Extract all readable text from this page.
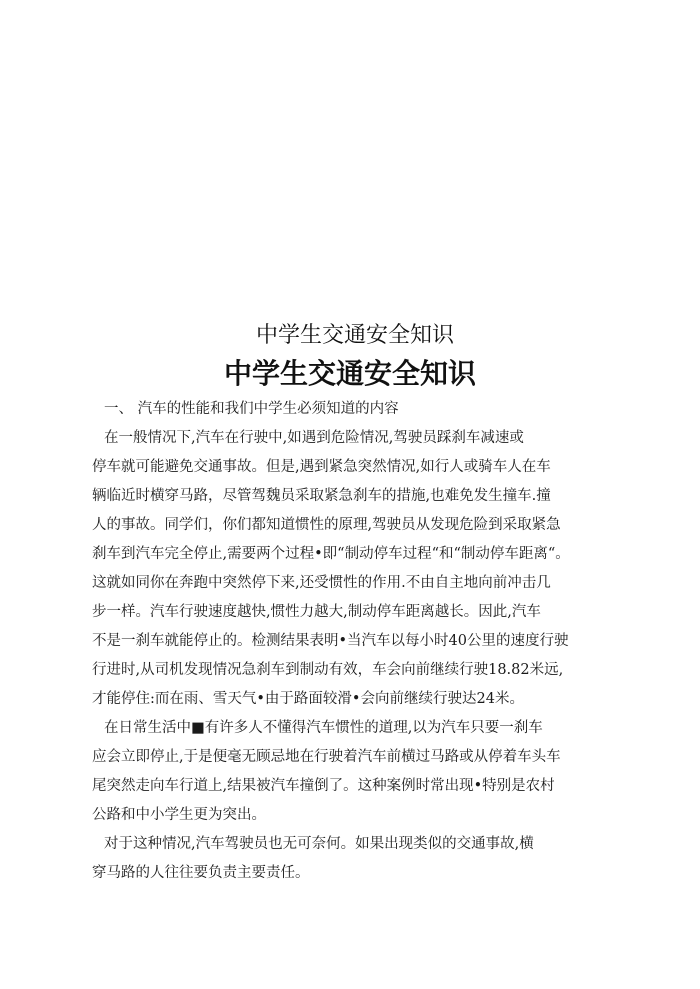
中学生交通安全知识
中学生交通安全知识
一、 汽车的性能和我们中学生必须知道的内容
在一般情况下,汽车在行驶中,如遇到危险情况,驾驶员踩刹车减速或
停车就可能避免交通事故。但是,遇到紧急突然情况,如行人或骑车人在车
辆临近时横穿马路，尽管驾魏员采取紧急刹车的措施,也难免发生撞车.撞
人的事故。同学们，你们都知道惯性的原理,驾驶员从发现危险到采取紧急
刹车到汽车完全停止,需要两个过程•即“制动停车过程“和“制动停车距离“。
这就如同你在奔跑中突然停下来,还受惯性的作用.不由自主地向前冲击几
步一样。汽车行驶速度越快,惯性力越大,制动停车距离越长。因此,汽车
不是一刹车就能停止的。检测结果表明•当汽车以每小时40公里的速度行驶
行进时,从司机发现情况急刹车到制动有效，车会向前继续行驶18.82米远,
才能停住:而在雨、雪天气•由于路面较滑•会向前继续行驶达24米。
在日常生活中■有许多人不懂得汽车惯性的道理,以为汽车只要一刹车
应会立即停止,于是便毫无顾忌地在行驶着汽车前横过马路或从停着车头车
尾突然走向车行道上,结果被汽车撞倒了。这种案例时常出现•特别是农村
公路和中小学生更为突出。
对于这种情况,汽车驾驶员也无可奈何。如果出现类似的交通事故,横
穿马路的人往往要负责主要责任。
